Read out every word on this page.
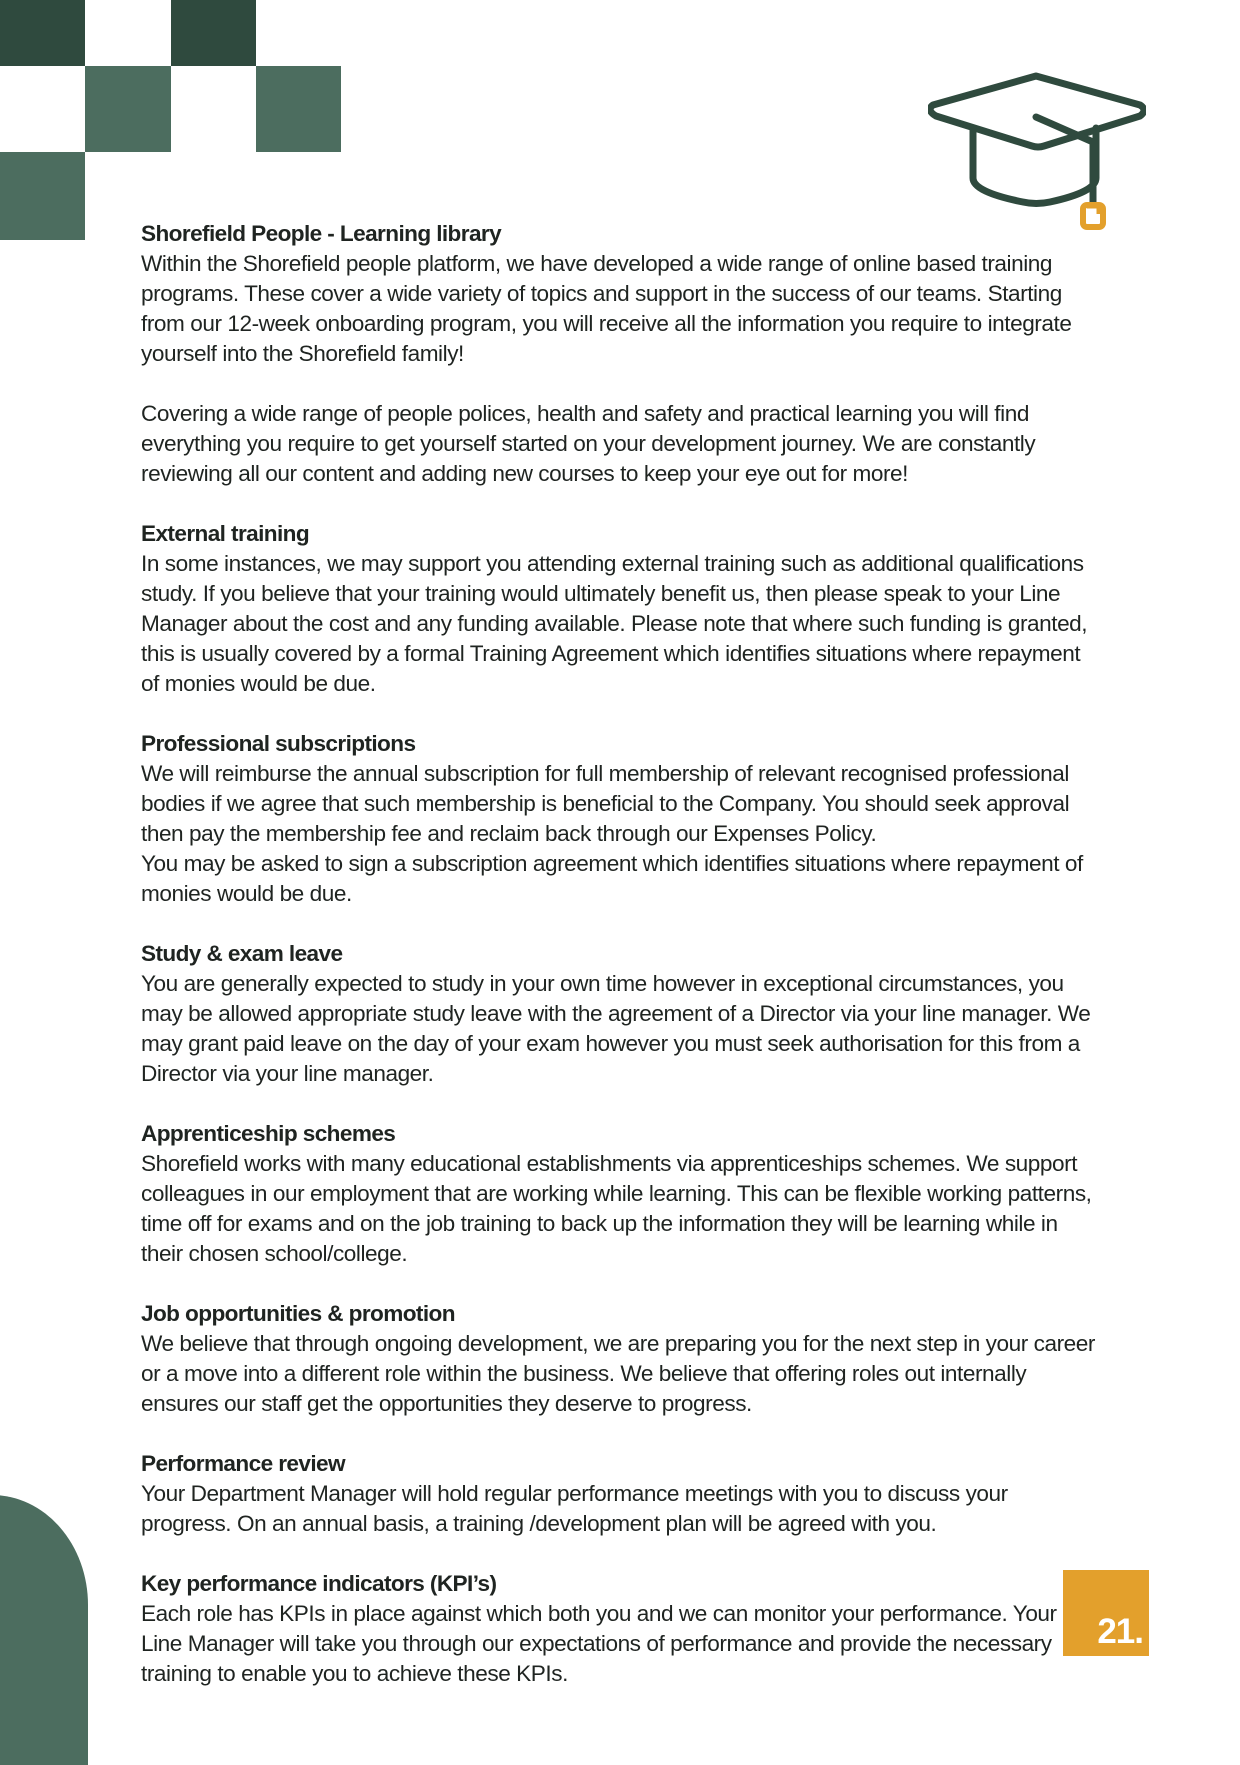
Shorefield People - Learning library

Within the Shorefield people platform, we have developed a wide range of online based training programs. These cover a wide variety of topics and support in the success of our teams. Starting from our 12-week onboarding program, you will receive all the information you require to integrate yourself into the Shorefield family!

Covering a wide range of people polices, health and safety and practical learning you will find everything you require to get yourself started on your development journey. We are constantly reviewing all our content and adding new courses to keep your eye out for more!

External training

In some instances, we may support you attending external training such as additional qualifications study. If you believe that your training would ultimately benefit us, then please speak to your Line Manager about the cost and any funding available. Please note that where such funding is granted, this is usually covered by a formal Training Agreement which identifies situations where repayment of monies would be due.

Professional subscriptions

We will reimburse the annual subscription for full membership of relevant recognised professional bodies if we agree that such membership is beneficial to the Company. You should seek approval then pay the membership fee and reclaim back through our Expenses Policy.

You may be asked to sign a subscription agreement which identifies situations where repayment of monies would be due.

Study & exam leave

You are generally expected to study in your own time however in exceptional circumstances, you may be allowed appropriate study leave with the agreement of a Director via your line manager. We may grant paid leave on the day of your exam however you must seek authorisation for this from a Director via your line manager.

Apprenticeship schemes

Shorefield works with many educational establishments via apprenticeships schemes. We support colleagues in our employment that are working while learning. This can be flexible working patterns, time off for exams and on the job training to back up the information they will be learning while in their chosen school/college.

Job opportunities & promotion

We believe that through ongoing development, we are preparing you for the next step in your career or a move into a different role within the business. We believe that offering roles out internally ensures our staff get the opportunities they deserve to progress.

Performance review

Your Department Manager will hold regular performance meetings with you to discuss your progress. On an annual basis, a training /development plan will be agreed with you.

Key performance indicators (KPI’s)

Each role has KPIs in place against which both you and we can monitor your performance. Your Line Manager will take you through our expectations of performance and provide the necessary training to enable you to achieve these KPIs.

21.
